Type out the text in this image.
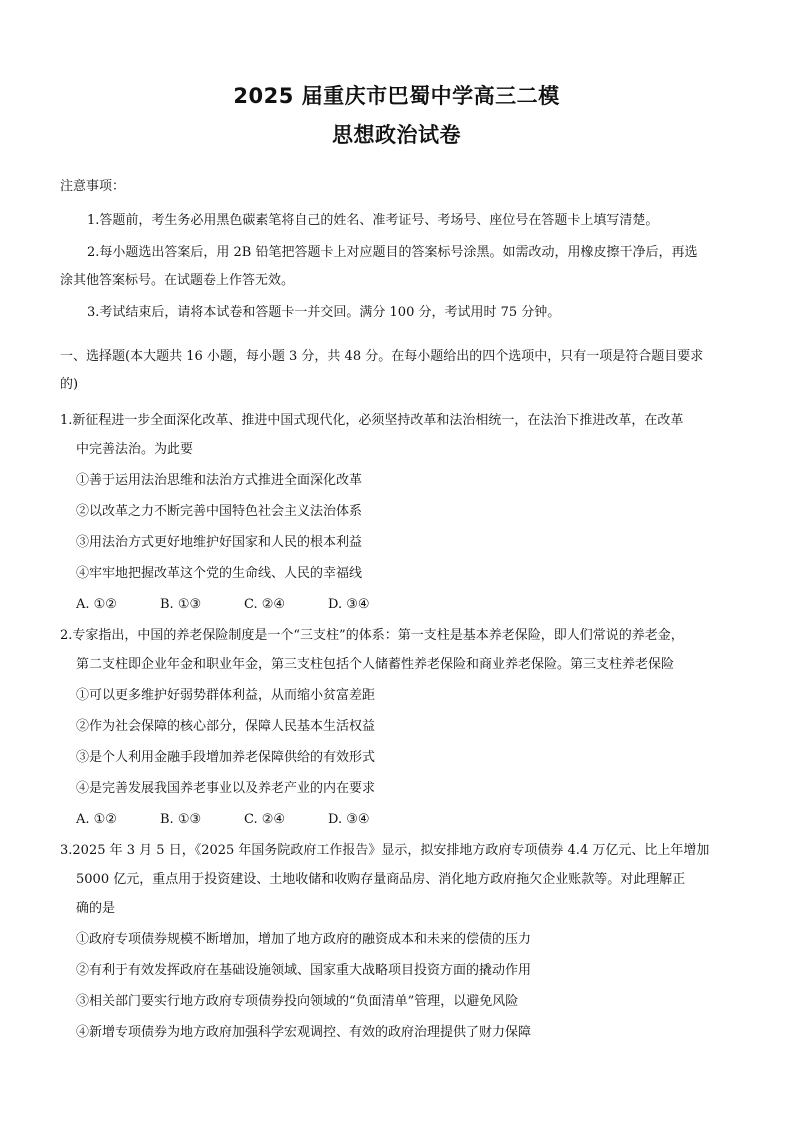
2025 届重庆市巴蜀中学高三二模
思想政治试卷
注意事项：
1.答题前，考生务必用黑色碳素笔将自己的姓名、准考证号、考场号、座位号在答题卡上填写清楚。
2.每小题选出答案后，用 2B 铅笔把答题卡上对应题目的答案标号涂黑。如需改动，用橡皮擦干净后，再选
涂其他答案标号。在试题卷上作答无效。
3.考试结束后，请将本试卷和答题卡一并交回。满分 100 分，考试用时 75 分钟。
一、选择题(本大题共 16 小题，每小题 3 分，共 48 分。在每小题给出的四个选项中，只有一项是符合题目要求
的)
1.新征程进一步全面深化改革、推进中国式现代化，必须坚持改革和法治相统一，在法治下推进改革，在改革
中完善法治。为此要
①善于运用法治思维和法治方式推进全面深化改革
②以改革之力不断完善中国特色社会主义法治体系
③用法治方式更好地维护好国家和人民的根本利益
④牢牢地把握改革这个党的生命线、人民的幸福线
A. ①②	B. ①③	C. ②④	D. ③④
2.专家指出，中国的养老保险制度是一个“三支柱”的体系：第一支柱是基本养老保险，即人们常说的养老金，
第二支柱即企业年金和职业年金，第三支柱包括个人储蓄性养老保险和商业养老保险。第三支柱养老保险
①可以更多维护好弱势群体利益，从而缩小贫富差距
②作为社会保障的核心部分，保障人民基本生活权益
③是个人利用金融手段增加养老保障供给的有效形式
④是完善发展我国养老事业以及养老产业的内在要求
A. ①②	B. ①③	C. ②④	D. ③④
3.2025 年 3 月 5 日，《2025 年国务院政府工作报告》显示，拟安排地方政府专项债券 4.4 万亿元、比上年增加
5000 亿元，重点用于投资建设、土地收储和收购存量商品房、消化地方政府拖欠企业账款等。对此理解正
确的是
①政府专项债券规模不断增加，增加了地方政府的融资成本和未来的偿债的压力
②有利于有效发挥政府在基础设施领域、国家重大战略项目投资方面的撬动作用
③相关部门要实行地方政府专项债券投向领域的“负面清单”管理，以避免风险
④新增专项债券为地方政府加强科学宏观调控、有效的政府治理提供了财力保障
